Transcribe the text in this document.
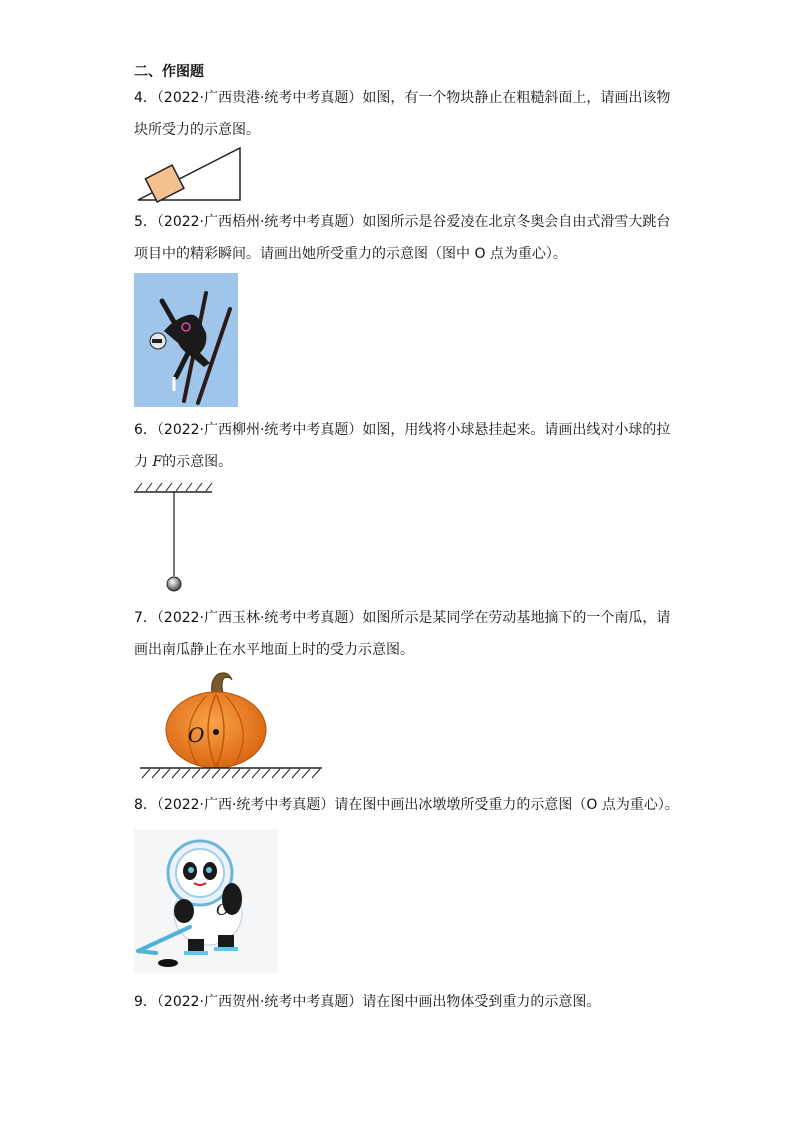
二、作图题
4．（2022·广西贵港·统考中考真题）如图，有一个物块静止在粗糙斜面上，请画出该物
块所受力的示意图。
5．（2022·广西梧州·统考中考真题）如图所示是谷爱凌在北京冬奥会自由式滑雪大跳台
项目中的精彩瞬间。请画出她所受重力的示意图（图中 O 点为重心）。
6．（2022·广西柳州·统考中考真题）如图，用线将小球悬挂起来。请画出线对小球的拉
力 F的示意图。
7．（2022·广西玉林·统考中考真题）如图所示是某同学在劳动基地摘下的一个南瓜，请
画出南瓜静止在水平地面上时的受力示意图。
O
8．（2022·广西·统考中考真题）请在图中画出冰墩墩所受重力的示意图（O 点为重心）。
O
9．（2022·广西贺州·统考中考真题）请在图中画出物体受到重力的示意图。
